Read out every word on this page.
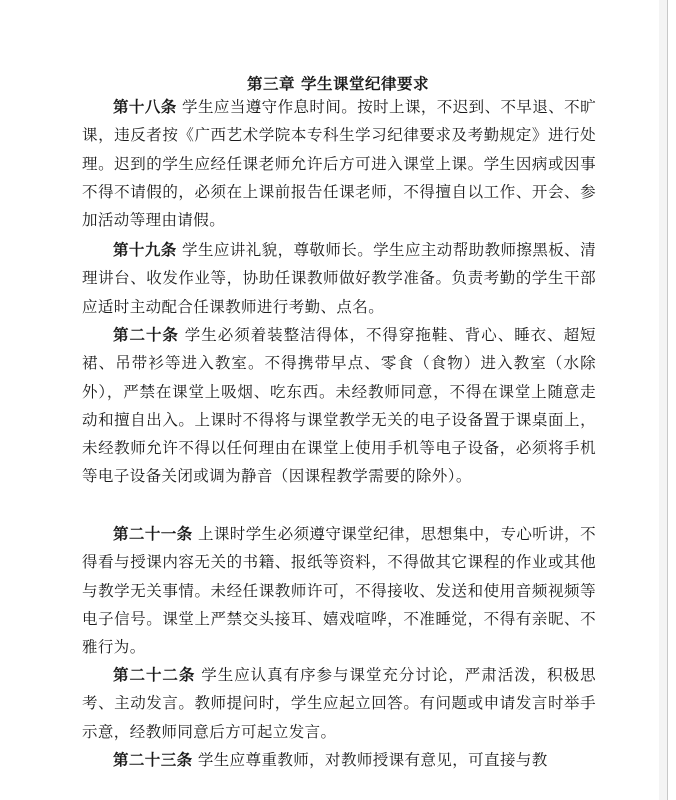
第三章 学生课堂纪律要求

第十八条 学生应当遵守作息时间。按时上课，不迟到、不早退、不旷课，违反者按《广西艺术学院本专科生学习纪律要求及考勤规定》进行处理。迟到的学生应经任课老师允许后方可进入课堂上课。学生因病或因事不得不请假的，必须在上课前报告任课老师，不得擅自以工作、开会、参加活动等理由请假。

第十九条 学生应讲礼貌，尊敬师长。学生应主动帮助教师擦黑板、清理讲台、收发作业等，协助任课教师做好教学准备。负责考勤的学生干部应适时主动配合任课教师进行考勤、点名。

第二十条 学生必须着装整洁得体，不得穿拖鞋、背心、睡衣、超短裙、吊带衫等进入教室。不得携带早点、零食（食物）进入教室（水除外），严禁在课堂上吸烟、吃东西。未经教师同意，不得在课堂上随意走动和擅自出入。上课时不得将与课堂教学无关的电子设备置于课桌面上，未经教师允许不得以任何理由在课堂上使用手机等电子设备，必须将手机等电子设备关闭或调为静音（因课程教学需要的除外）。

第二十一条 上课时学生必须遵守课堂纪律，思想集中，专心听讲，不得看与授课内容无关的书籍、报纸等资料，不得做其它课程的作业或其他与教学无关事情。未经任课教师许可，不得接收、发送和使用音频视频等电子信号。课堂上严禁交头接耳、嬉戏喧哗，不准睡觉，不得有亲昵、不雅行为。

第二十二条 学生应认真有序参与课堂充分讨论，严肃活泼，积极思考、主动发言。教师提问时，学生应起立回答。有问题或申请发言时举手示意，经教师同意后方可起立发言。

第二十三条 学生应尊重教师，对教师授课有意见，可直接与教
